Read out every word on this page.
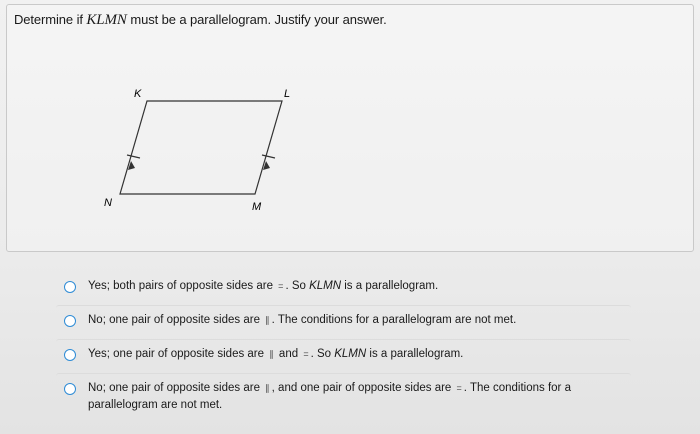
Determine if KLMN must be a parallelogram. Justify your answer.
K	L
M
N
Yes; both pairs of opposite sides are = . So KLMN is a parallelogram.
No; one pair of opposite sides are ∥ . The conditions for a parallelogram are not met.
Yes; one pair of opposite sides are ∥ and = . So KLMN is a parallelogram.
No; one pair of opposite sides are ∥ , and one pair of opposite sides are = . The conditions for a parallelogram are not met.
